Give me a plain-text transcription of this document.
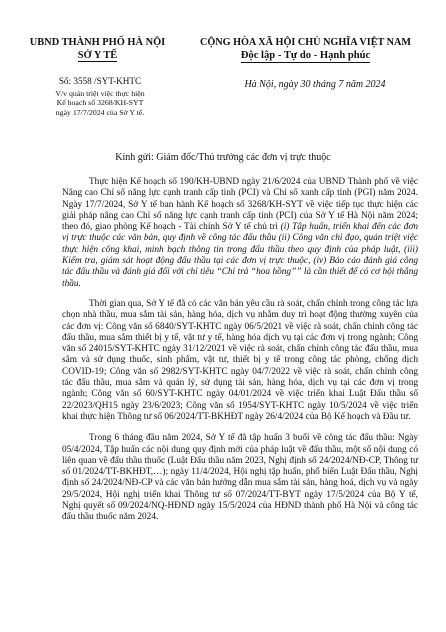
UBND THÀNH PHỐ HÀ NỘI
SỞ Y TẾ
CỘNG HÒA XÃ HỘI CHỦ NGHĨA VIỆT NAM
Độc lập - Tự do - Hạnh phúc
Số: 3558 /SYT-KHTC
V/v quán triệt việc thực hiện
Kế hoạch số 3268/KH-SYT
ngày 17/7/2024 của Sở Y tế.
Hà Nội, ngày 30 tháng 7 năm 2024
Kính gửi: Giám đốc/Thủ trưởng các đơn vị trực thuộc

Thực hiện Kế hoạch số 190/KH-UBND ngày 21/6/2024 của UBND Thành phố về việc Nâng cao Chỉ số năng lực cạnh tranh cấp tỉnh (PCI) và Chỉ số xanh cấp tỉnh (PGI) năm 2024. Ngày 17/7/2024, Sở Y tế ban hành Kế hoạch số 3268/KH-SYT về việc tiếp tục thực hiện các giải pháp nâng cao Chỉ số năng lực cạnh tranh cấp tỉnh (PCI) của Sở Y tế Hà Nội năm 2024; theo đó, giao phòng Kế hoạch - Tài chính Sở Y tế chủ trì (i) Tập huấn, triển khai đến các đơn vị trực thuộc các văn bản, quy định về công tác đấu thầu (ii) Công văn chỉ đạo, quán triệt việc thực hiện công khai, minh bạch thông tin trong đấu thầu theo quy định của pháp luật, (iii) Kiểm tra, giám sát hoạt động đấu thầu tại các đơn vị trực thuộc, (iv) Báo cáo đánh giá công tác đấu thầu và đánh giá đối với chỉ tiêu “Chi trả “hoa hồng”” là cần thiết để có cơ hội thắng thầu.

Thời gian qua, Sở Y tế đã có các văn bản yêu cầu rà soát, chấn chỉnh trong công tác lựa chọn nhà thầu, mua sắm tài sản, hàng hóa, dịch vụ nhằm duy trì hoạt động thường xuyên của các đơn vị: Công văn số 6840/SYT-KHTC ngày 06/5/2021 về việc rà soát, chấn chỉnh công tác đấu thầu, mua sắm thiết bị y tế, vật tư y tế, hàng hóa dịch vụ tại các đơn vị trong ngành; Công văn số 24015/SYT-KHTC ngày 31/12/2021 về việc rà soát, chấn chỉnh công tác đấu thầu, mua sắm và sử dụng thuốc, sinh phẩm, vật tư, thiết bị y tế trong công tác phòng, chống dịch COVID-19; Công văn số 2982/SYT-KHTC ngày 04/7/2022 về việc rà soát, chấn chỉnh công tác đấu thầu, mua sắm và quản lý, sử dụng tài sản, hàng hóa, dịch vụ tại các đơn vị trong ngành; Công văn số 60/SYT-KHTC ngày 04/01/2024 về việc triển khai Luật Đấu thầu số 22/2023/QH15 ngày 23/6/2023; Công văn số 1954/SYT-KHTC ngày 10/5/2024 về việc triển khai thực hiện Thông tư số 06/2024/TT-BKHĐT ngày 26/4/2024 của Bộ Kế hoạch và Đầu tư.

Trong 6 tháng đầu năm 2024, Sở Y tế đã tập huấn 3 buổi về công tác đấu thầu: Ngày 05/4/2024, Tập huấn các nội dung quy định mới của pháp luật về đấu thầu, một số nội dung có liên quan về đấu thầu thuốc (Luật Đấu thầu năm 2023, Nghị định số 24/2024/NĐ-CP, Thông tư số 01/2024/TT-BKHĐT,…); ngày 11/4/2024, Hội nghị tập huấn, phổ biến Luật Đấu thầu, Nghị định số 24/2024/NĐ-CP và các văn bản hướng dẫn mua sắm tài sản, hàng hoá, dịch vụ và ngày 29/5/2024, Hội nghị triển khai Thông tư số 07/2024/TT-BYT ngày 17/5/2024 của Bộ Y tế, Nghị quyết số 09/2024/NQ-HĐND ngày 15/5/2024 của HĐND thành phố Hà Nội và công tác đấu thầu thuốc năm 2024.
